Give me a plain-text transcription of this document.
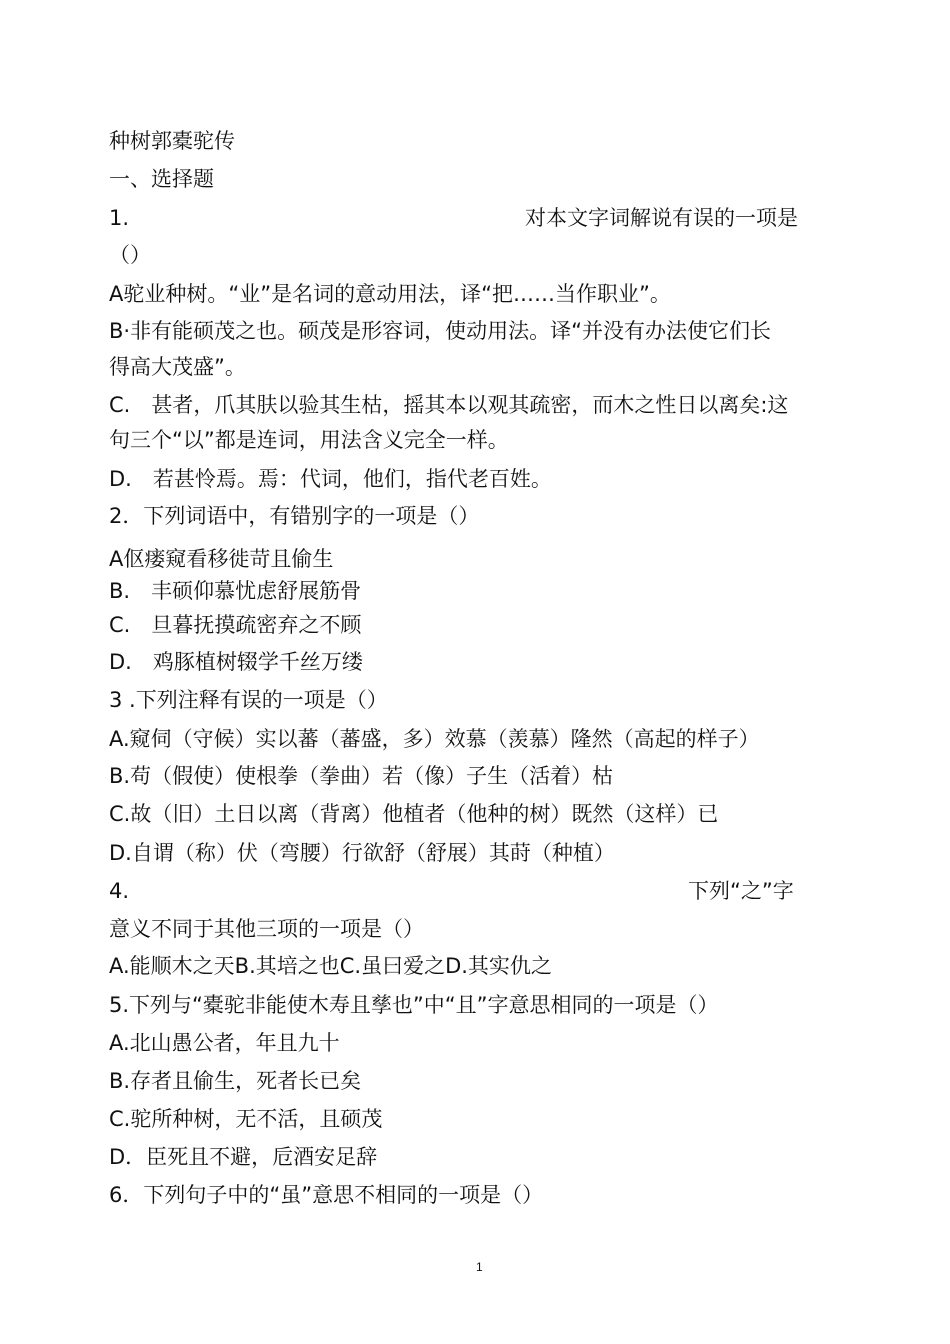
种树郭橐驼传
一、选择题
1.	对本文字词解说有误的一项是
（）
A驼业种树。“业”是名词的意动用法，译“把……当作职业”。
B·非有能硕茂之也。硕茂是形容词，使动用法。译“并没有办法使它们长
得高大茂盛”。
C.　甚者，爪其肤以验其生枯，摇其本以观其疏密，而木之性日以离矣:这
句三个“以”都是连词，用法含义完全一样。
D.　若甚怜焉。焉：代词，他们，指代老百姓。
2．下列词语中，有错别字的一项是（）
A伛瘘窥看移徙苛且偷生
B.　丰硕仰慕忧虑舒展筋骨
C.　旦暮抚摸疏密弃之不顾
D.　鸡豚植树辍学千丝万缕
3 .下列注释有误的一项是（）
A.窥伺（守候）实以蕃（蕃盛，多）效慕（羡慕）隆然（高起的样子）
B.苟（假使）使根拳（拳曲）若（像）子生（活着）枯
C.故（旧）土日以离（背离）他植者（他种的树）既然（这样）已
D.自谓（称）伏（弯腰）行欲舒（舒展）其莳（种植）
4.	下列“之”字
意义不同于其他三项的一项是（）
A.能顺木之天B.其培之也C.虽曰爱之D.其实仇之
5.下列与“橐驼非能使木寿且孳也”中“且”字意思相同的一项是（）
A.北山愚公者，年且九十
B.存者且偷生，死者长已矣
C.驼所种树，无不活，且硕茂
D．臣死且不避，卮酒安足辞
6．下列句子中的“虽”意思不相同的一项是（）
1
